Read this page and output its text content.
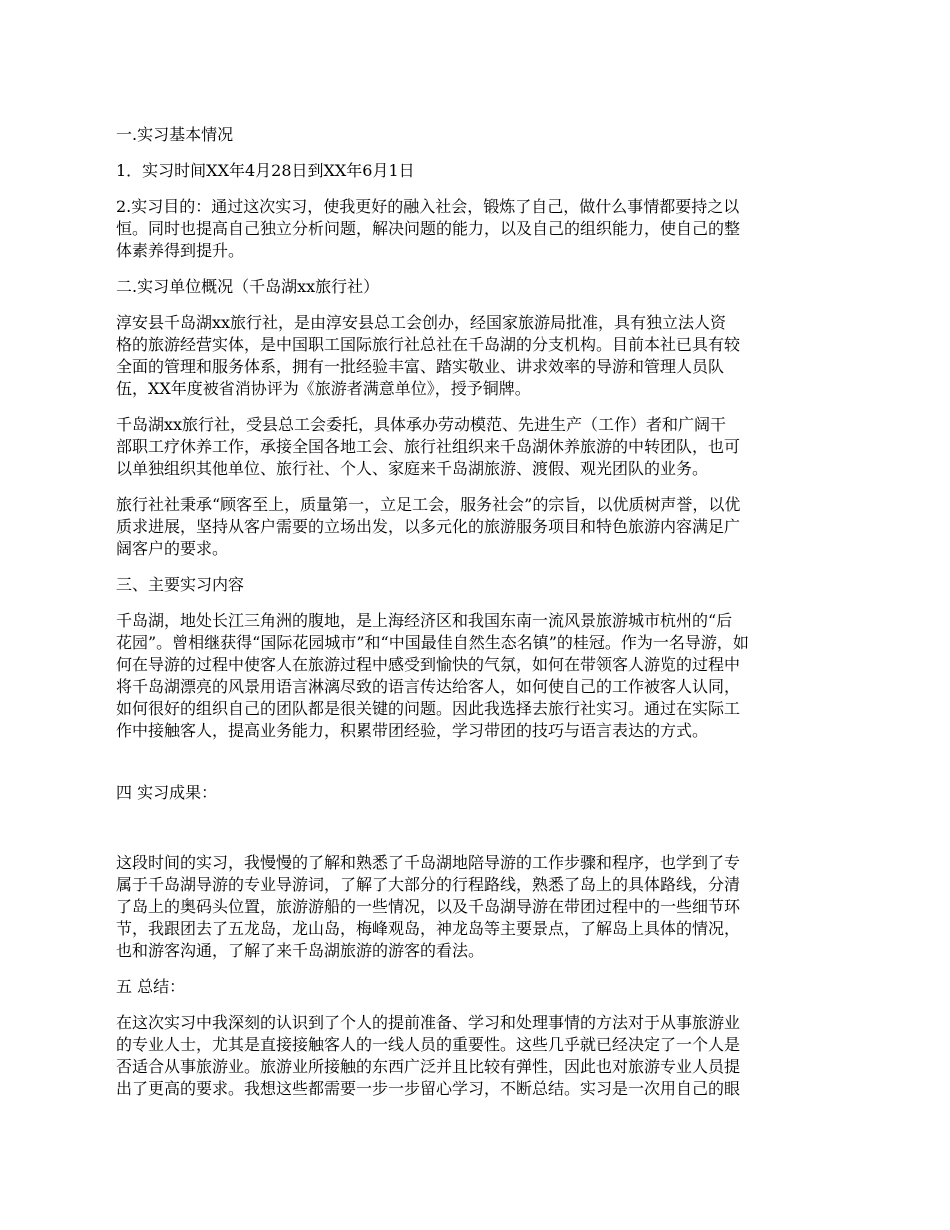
一.实习基本情况
1．实习时间XX年4月28日到XX年6月1日
2.实习目的：通过这次实习，使我更好的融入社会，锻炼了自己，做什么事情都要持之以
恒。同时也提高自己独立分析问题，解决问题的能力，以及自己的组织能力，使自己的整
体素养得到提升。
二.实习单位概况（千岛湖xx旅行社）
淳安县千岛湖xx旅行社，是由淳安县总工会创办，经国家旅游局批准，具有独立法人资
格的旅游经营实体，是中国职工国际旅行社总社在千岛湖的分支机构。目前本社已具有较
全面的管理和服务体系，拥有一批经验丰富、踏实敬业、讲求效率的导游和管理人员队
伍，XX年度被省消协评为《旅游者满意单位》，授予铜牌。
千岛湖xx旅行社，受县总工会委托，具体承办劳动模范、先进生产（工作）者和广阔干
部职工疗休养工作，承接全国各地工会、旅行社组织来千岛湖休养旅游的中转团队，也可
以单独组织其他单位、旅行社、个人、家庭来千岛湖旅游、渡假、观光团队的业务。
旅行社社秉承“顾客至上，质量第一，立足工会，服务社会”的宗旨，以优质树声誉，以优
质求进展，坚持从客户需要的立场出发，以多元化的旅游服务项目和特色旅游内容满足广
阔客户的要求。
三、主要实习内容
千岛湖，地处长江三角洲的腹地，是上海经济区和我国东南一流风景旅游城市杭州的“后
花园”。曾相继获得“国际花园城市”和“中国最佳自然生态名镇”的桂冠。作为一名导游，如
何在导游的过程中使客人在旅游过程中感受到愉快的气氛，如何在带领客人游览的过程中
将千岛湖漂亮的风景用语言淋漓尽致的语言传达给客人，如何使自己的工作被客人认同，
如何很好的组织自己的团队都是很关键的问题。因此我选择去旅行社实习。通过在实际工
作中接触客人，提高业务能力，积累带团经验，学习带团的技巧与语言表达的方式。
四 实习成果：
这段时间的实习，我慢慢的了解和熟悉了千岛湖地陪导游的工作步骤和程序，也学到了专
属于千岛湖导游的专业导游词，了解了大部分的行程路线，熟悉了岛上的具体路线，分清
了岛上的奥码头位置，旅游游船的一些情况，以及千岛湖导游在带团过程中的一些细节环
节，我跟团去了五龙岛，龙山岛，梅峰观岛，神龙岛等主要景点，了解岛上具体的情况，
也和游客沟通，了解了来千岛湖旅游的游客的看法。
五 总结：
在这次实习中我深刻的认识到了个人的提前准备、学习和处理事情的方法对于从事旅游业
的专业人士，尤其是直接接触客人的一线人员的重要性。这些几乎就已经决定了一个人是
否适合从事旅游业。旅游业所接触的东西广泛并且比较有弹性，因此也对旅游专业人员提
出了更高的要求。我想这些都需要一步一步留心学习，不断总结。实习是一次用自己的眼
